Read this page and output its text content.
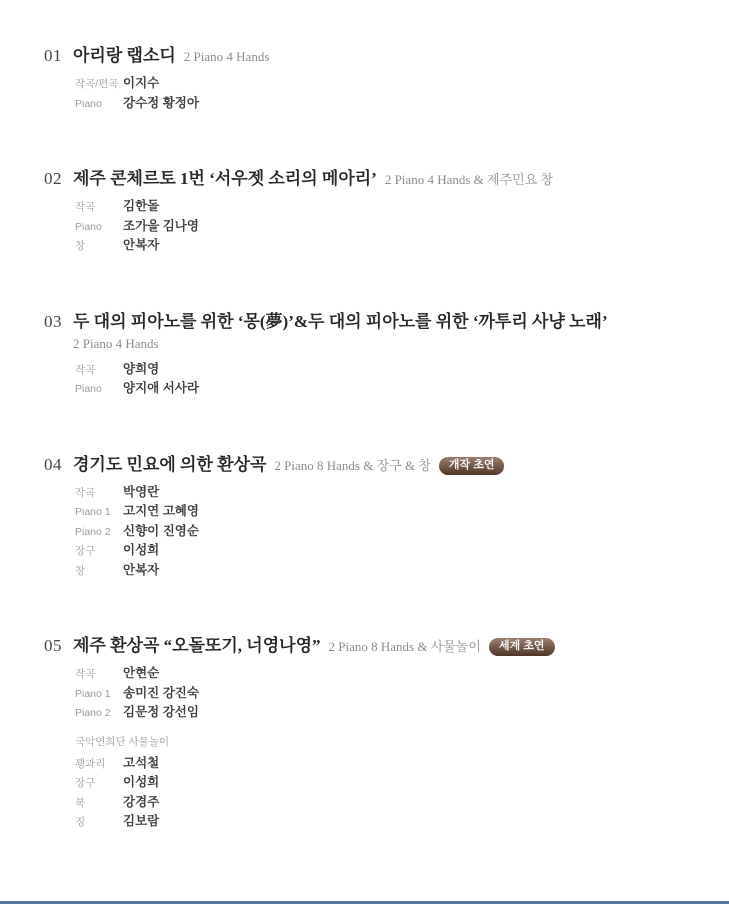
01 아리랑 랩소디 2 Piano 4 Hands
작곡/편곡 이지수
Piano	강수정 황정아
02 제주 콘체르토 1번 ‘서우젯 소리의 메아리’ 2 Piano 4 Hands & 제주민요 창
작곡	김한돌
Piano	조가을 김나영
창	안복자
03 두 대의 피아노를 위한 ‘몽(夢)’&두 대의 피아노를 위한 ‘까투리 사냥 노래’
2 Piano 4 Hands
작곡	양희영
Piano	양지애 서사라
04 경기도 민요에 의한 환상곡 2 Piano 8 Hands & 장구 & 창 개작 초연
작곡	박영란
Piano 1 고지연 고혜영
Piano 2 신향이 진영순
장구	이성희
창	안복자
05 제주 환상곡 “오돌또기, 너영나영” 2 Piano 8 Hands & 사물놀이 세계 초연
작곡	안현순
Piano 1 송미진 강진숙
Piano 2 김문정 강선임
국악연희단 사물놀이
꽹과리	고석철
장구	이성희
북	강경주
징	김보람
